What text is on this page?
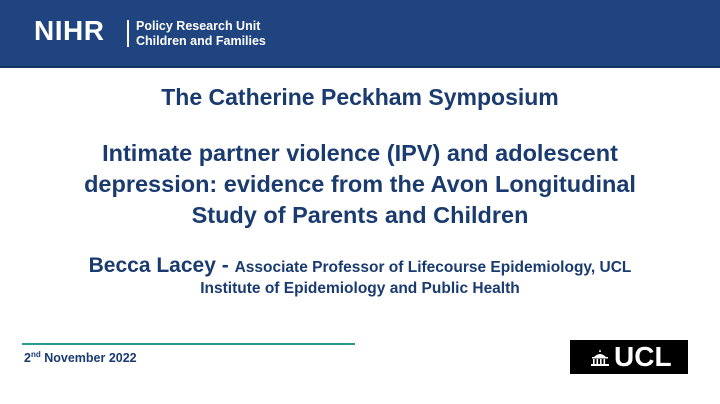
NIHR	Policy Research Unit
Children and Families
The Catherine Peckham Symposium
Intimate partner violence (IPV) and adolescent
depression: evidence from the Avon Longitudinal
Study of Parents and Children
Becca Lacey - Associate Professor of Lifecourse Epidemiology, UCL
Institute of Epidemiology and Public Health
2nd November 2022	UCL
